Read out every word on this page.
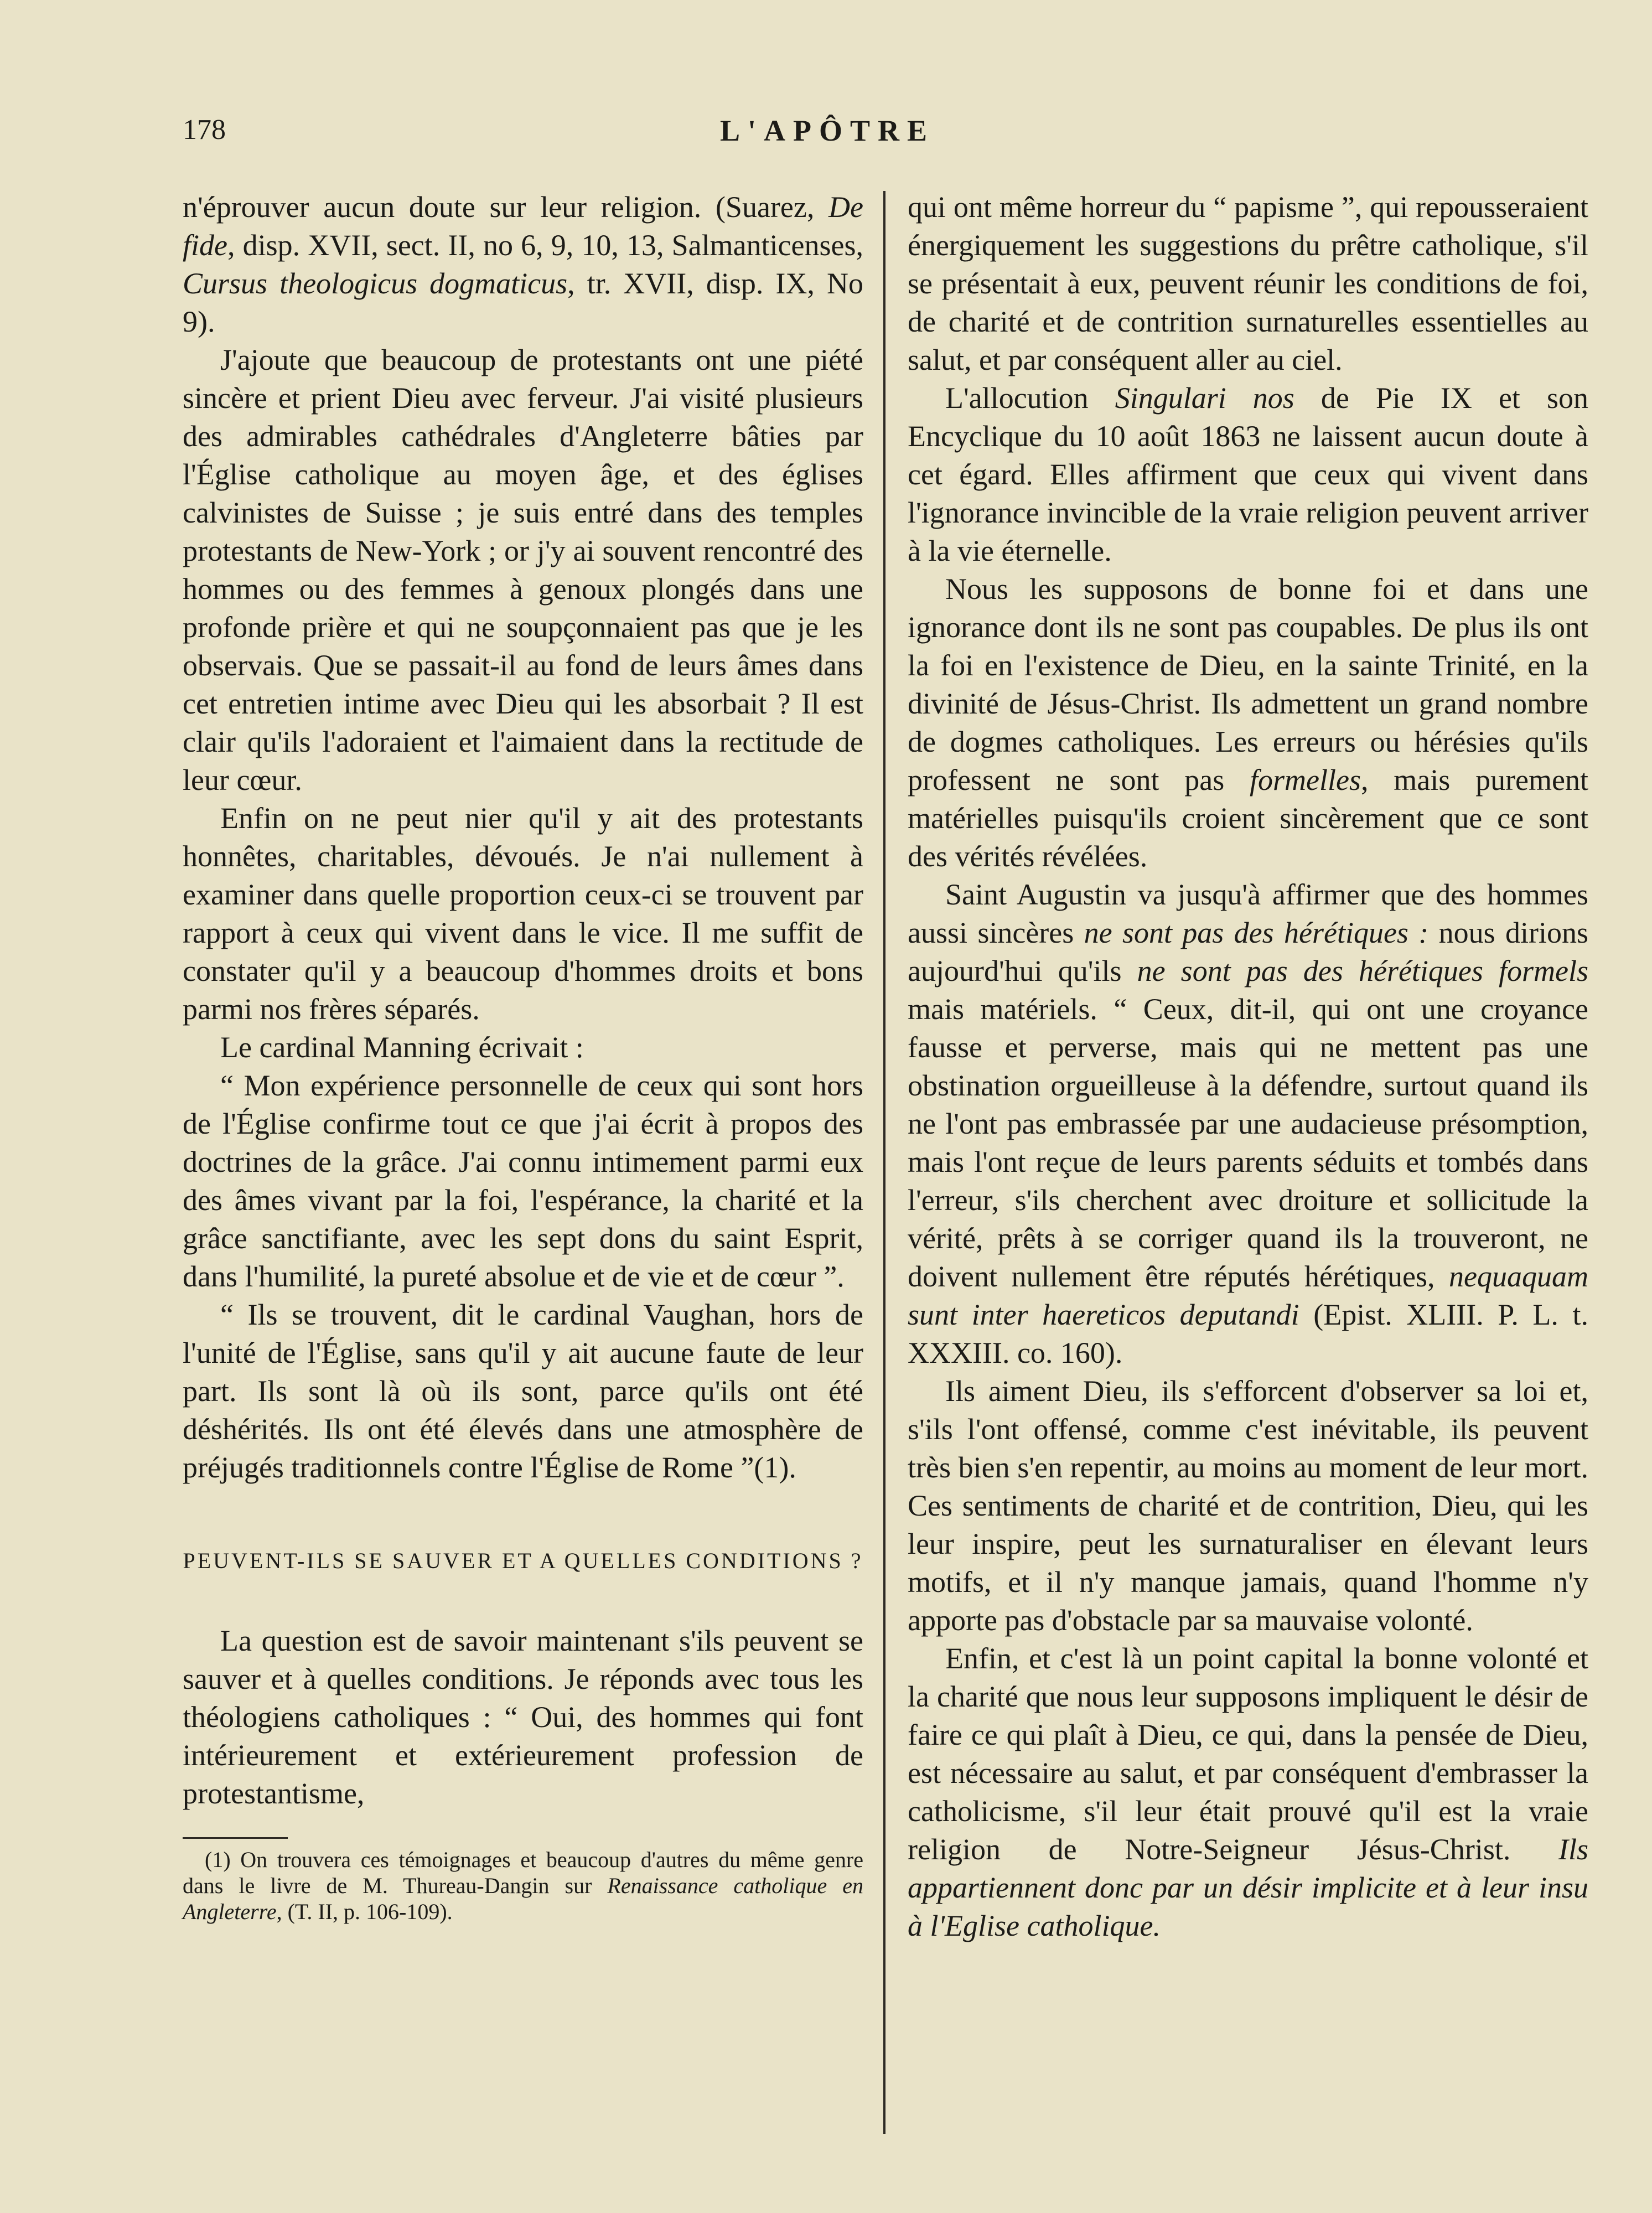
178	L'APÔTRE

n'éprouver aucun doute sur leur religion. (Suarez, De fide, disp. XVII, sect. II, no 6, 9, 10, 13, Salmanticenses, Cursus theologicus dogmaticus, tr. XVII, disp. IX, No 9).

J'ajoute que beaucoup de protestants ont une piété sincère et prient Dieu avec ferveur. J'ai visité plusieurs des admirables cathédrales d'Angleterre bâties par l'Église catholique au moyen âge, et des églises calvinistes de Suisse ; je suis entré dans des temples protestants de New-York ; or j'y ai souvent rencontré des hommes ou des femmes à genoux plongés dans une profonde prière et qui ne soupçonnaient pas que je les observais. Que se passait-il au fond de leurs âmes dans cet entretien intime avec Dieu qui les absorbait ? Il est clair qu'ils l'adoraient et l'aimaient dans la rectitude de leur cœur.

Enfin on ne peut nier qu'il y ait des protestants honnêtes, charitables, dévoués. Je n'ai nullement à examiner dans quelle proportion ceux-ci se trouvent par rapport à ceux qui vivent dans le vice. Il me suffit de constater qu'il y a beaucoup d'hommes droits et bons parmi nos frères séparés.

Le cardinal Manning écrivait :

“ Mon expérience personnelle de ceux qui sont hors de l'Église confirme tout ce que j'ai écrit à propos des doctrines de la grâce. J'ai connu intimement parmi eux des âmes vivant par la foi, l'espérance, la charité et la grâce sanctifiante, avec les sept dons du saint Esprit, dans l'humilité, la pureté absolue et de vie et de cœur ”.

“ Ils se trouvent, dit le cardinal Vaughan, hors de l'unité de l'Église, sans qu'il y ait aucune faute de leur part. Ils sont là où ils sont, parce qu'ils ont été déshérités. Ils ont été élevés dans une atmosphère de préjugés traditionnels contre l'Église de Rome ”(1).

PEUVENT-ILS SE SAUVER ET A QUELLES CONDITIONS ?

La question est de savoir maintenant s'ils peuvent se sauver et à quelles conditions. Je réponds avec tous les théologiens catholiques : “ Oui, des hommes qui font intérieurement et extérieurement profession de protestantisme,

(1) On trouvera ces témoignages et beaucoup d'autres du même genre dans le livre de M. Thureau-Dangin sur Renaissance catholique en Angleterre, (T. II, p. 106-109).

qui ont même horreur du “ papisme ”, qui repousseraient énergiquement les suggestions du prêtre catholique, s'il se présentait à eux, peuvent réunir les conditions de foi, de charité et de contrition surnaturelles essentielles au salut, et par conséquent aller au ciel.

L'allocution Singulari nos de Pie IX et son Encyclique du 10 août 1863 ne laissent aucun doute à cet égard. Elles affirment que ceux qui vivent dans l'ignorance invincible de la vraie religion peuvent arriver à la vie éternelle.

Nous les supposons de bonne foi et dans une ignorance dont ils ne sont pas coupables. De plus ils ont la foi en l'existence de Dieu, en la sainte Trinité, en la divinité de Jésus-Christ. Ils admettent un grand nombre de dogmes catholiques. Les erreurs ou hérésies qu'ils professent ne sont pas formelles, mais purement matérielles puisqu'ils croient sincèrement que ce sont des vérités révélées.

Saint Augustin va jusqu'à affirmer que des hommes aussi sincères ne sont pas des hérétiques : nous dirions aujourd'hui qu'ils ne sont pas des hérétiques formels mais matériels. “ Ceux, dit-il, qui ont une croyance fausse et perverse, mais qui ne mettent pas une obstination orgueilleuse à la défendre, surtout quand ils ne l'ont pas embrassée par une audacieuse présomption, mais l'ont reçue de leurs parents séduits et tombés dans l'erreur, s'ils cherchent avec droiture et sollicitude la vérité, prêts à se corriger quand ils la trouveront, ne doivent nullement être réputés hérétiques, nequaquam sunt inter haereticos deputandi (Epist. XLIII. P. L. t. XXXIII. co. 160).

Ils aiment Dieu, ils s'efforcent d'observer sa loi et, s'ils l'ont offensé, comme c'est inévitable, ils peuvent très bien s'en repentir, au moins au moment de leur mort. Ces sentiments de charité et de contrition, Dieu, qui les leur inspire, peut les surnaturaliser en élevant leurs motifs, et il n'y manque jamais, quand l'homme n'y apporte pas d'obstacle par sa mauvaise volonté.

Enfin, et c'est là un point capital la bonne volonté et la charité que nous leur supposons impliquent le désir de faire ce qui plaît à Dieu, ce qui, dans la pensée de Dieu, est nécessaire au salut, et par conséquent d'embrasser la catholicisme, s'il leur était prouvé qu'il est la vraie religion de Notre-Seigneur Jésus-Christ. Ils appartiennent donc par un désir implicite et à leur insu à l'Eglise catholique.
